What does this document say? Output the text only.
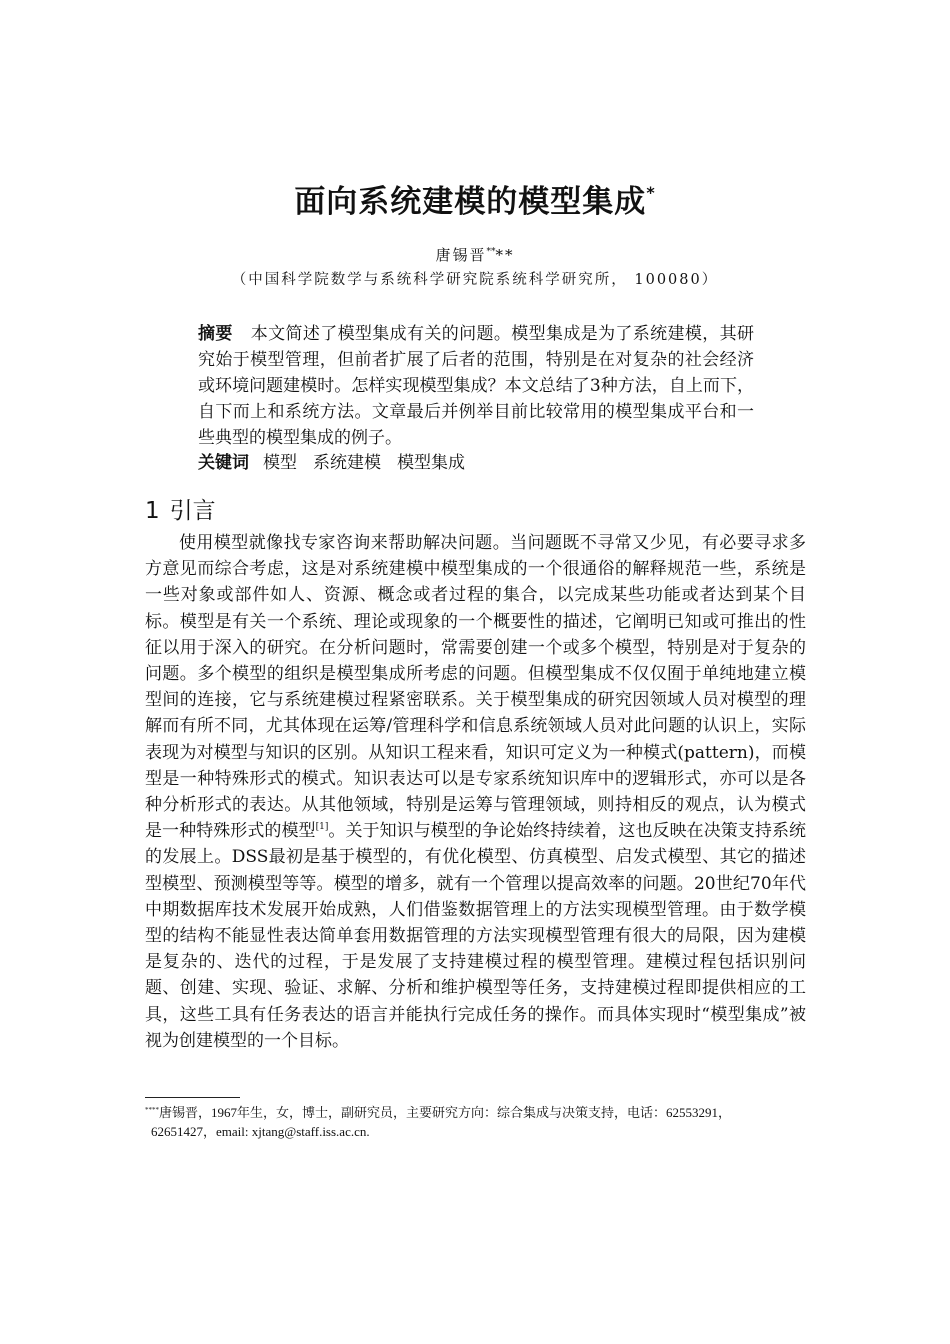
面向系统建模的模型集成*
唐锡晋****
（中国科学院数学与系统科学研究院系统科学研究所， 100080）
摘要 本文简述了模型集成有关的问题。模型集成是为了系统建模，其研究始于模型管理，但前者扩展了后者的范围，特别是在对复杂的社会经济或环境问题建模时。怎样实现模型集成？本文总结了3种方法，自上而下，自下而上和系统方法。文章最后并例举目前比较常用的模型集成平台和一些典型的模型集成的例子。
关键词 模型 系统建模 模型集成
1 引言

使用模型就像找专家咨询来帮助解决问题。当问题既不寻常又少见，有必要寻求多方意见而综合考虑，这是对系统建模中模型集成的一个很通俗的解释规范一些，系统是一些对象或部件如人、资源、概念或者过程的集合，以完成某些功能或者达到某个目标。模型是有关一个系统、理论或现象的一个概要性的描述，它阐明已知或可推出的性征以用于深入的研究。在分析问题时，常需要创建一个或多个模型，特别是对于复杂的问题。多个模型的组织是模型集成所考虑的问题。但模型集成不仅仅囿于单纯地建立模型间的连接，它与系统建模过程紧密联系。关于模型集成的研究因领域人员对模型的理解而有所不同，尤其体现在运筹/管理科学和信息系统领域人员对此问题的认识上，实际表现为对模型与知识的区别。从知识工程来看，知识可定义为一种模式(pattern)，而模型是一种特殊形式的模式。知识表达可以是专家系统知识库中的逻辑形式，亦可以是各种分析形式的表达。从其他领域，特别是运筹与管理领域，则持相反的观点，认为模式是一种特殊形式的模型[1]。关于知识与模型的争论始终持续着，这也反映在决策支持系统的发展上。DSS最初是基于模型的，有优化模型、仿真模型、启发式模型、其它的描述型模型、预测模型等等。模型的增多，就有一个管理以提高效率的问题。20世纪70年代中期数据库技术发展开始成熟，人们借鉴数据管理上的方法实现模型管理。由于数学模型的结构不能显性表达简单套用数据管理的方法实现模型管理有很大的局限，因为建模是复杂的、迭代的过程，于是发展了支持建模过程的模型管理。建模过程包括识别问题、创建、实现、验证、求解、分析和维护模型等任务，支持建模过程即提供相应的工具，这些工具有任务表达的语言并能执行完成任务的操作。而具体实现时“模型集成”被视为创建模型的一个目标。

****唐锡晋，1967年生，女，博士，副研究员，主要研究方向：综合集成与决策支持，电话：62553291，
62651427，email: xjtang@staff.iss.ac.cn.
